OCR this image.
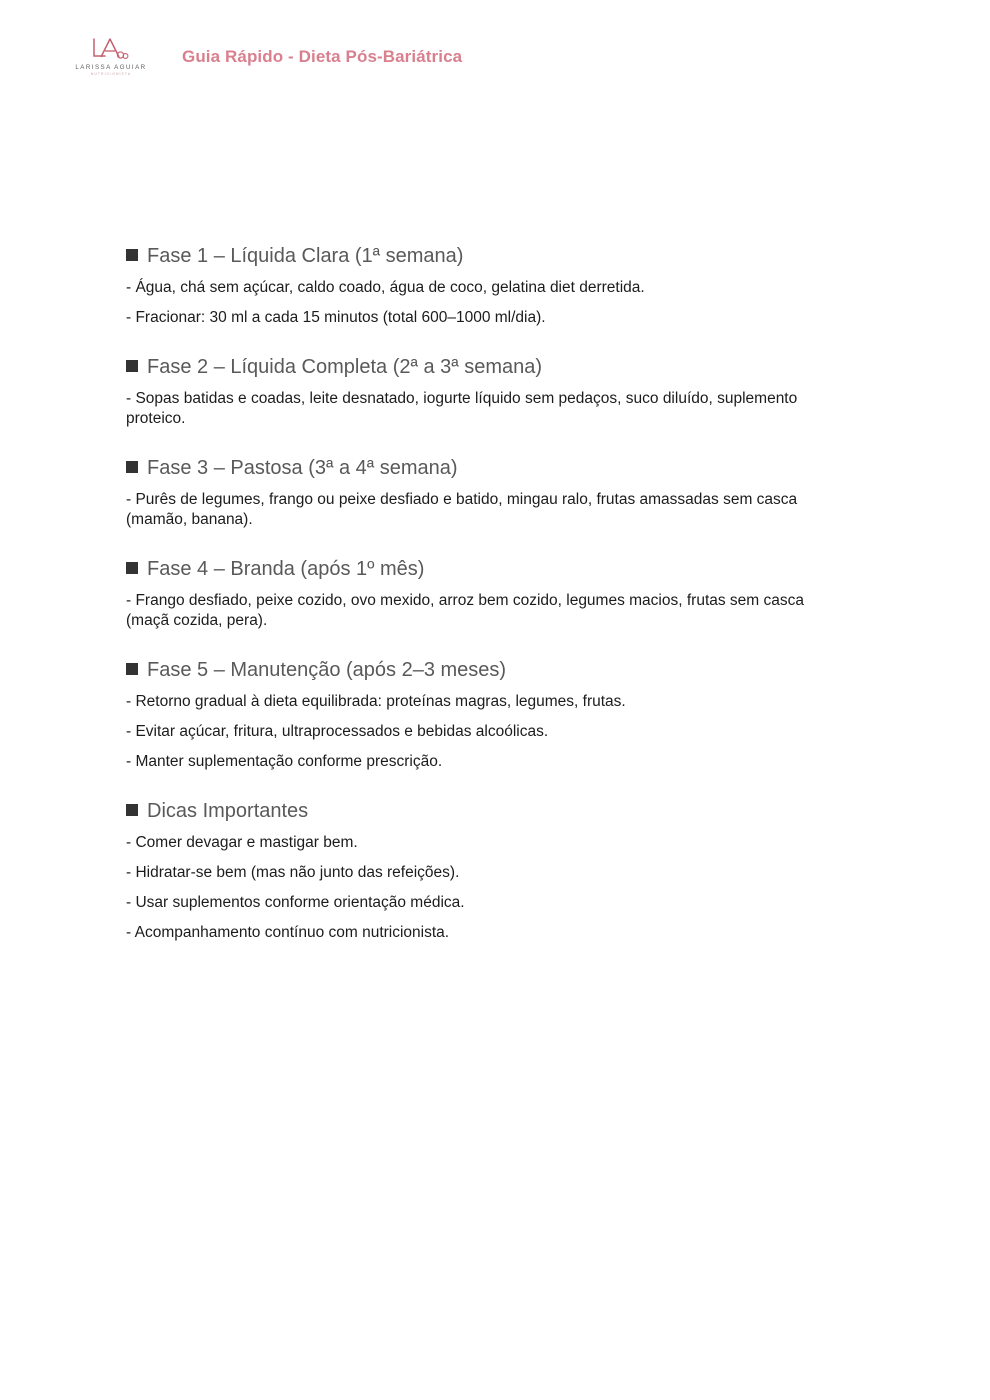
LARISSA AGUIAR
NUTRICIONISTA
Guia Rápido - Dieta Pós-Bariátrica
Fase 1 – Líquida Clara (1ª semana)
- Água, chá sem açúcar, caldo coado, água de coco, gelatina diet derretida.
- Fracionar: 30 ml a cada 15 minutos (total 600–1000 ml/dia).
Fase 2 – Líquida Completa (2ª a 3ª semana)
- Sopas batidas e coadas, leite desnatado, iogurte líquido sem pedaços, suco diluído, suplemento proteico.
Fase 3 – Pastosa (3ª a 4ª semana)
- Purês de legumes, frango ou peixe desfiado e batido, mingau ralo, frutas amassadas sem casca (mamão, banana).
Fase 4 – Branda (após 1º mês)
- Frango desfiado, peixe cozido, ovo mexido, arroz bem cozido, legumes macios, frutas sem casca (maçã cozida, pera).
Fase 5 – Manutenção (após 2–3 meses)
- Retorno gradual à dieta equilibrada: proteínas magras, legumes, frutas.
- Evitar açúcar, fritura, ultraprocessados e bebidas alcoólicas.
- Manter suplementação conforme prescrição.
Dicas Importantes
- Comer devagar e mastigar bem.
- Hidratar-se bem (mas não junto das refeições).
- Usar suplementos conforme orientação médica.
- Acompanhamento contínuo com nutricionista.
